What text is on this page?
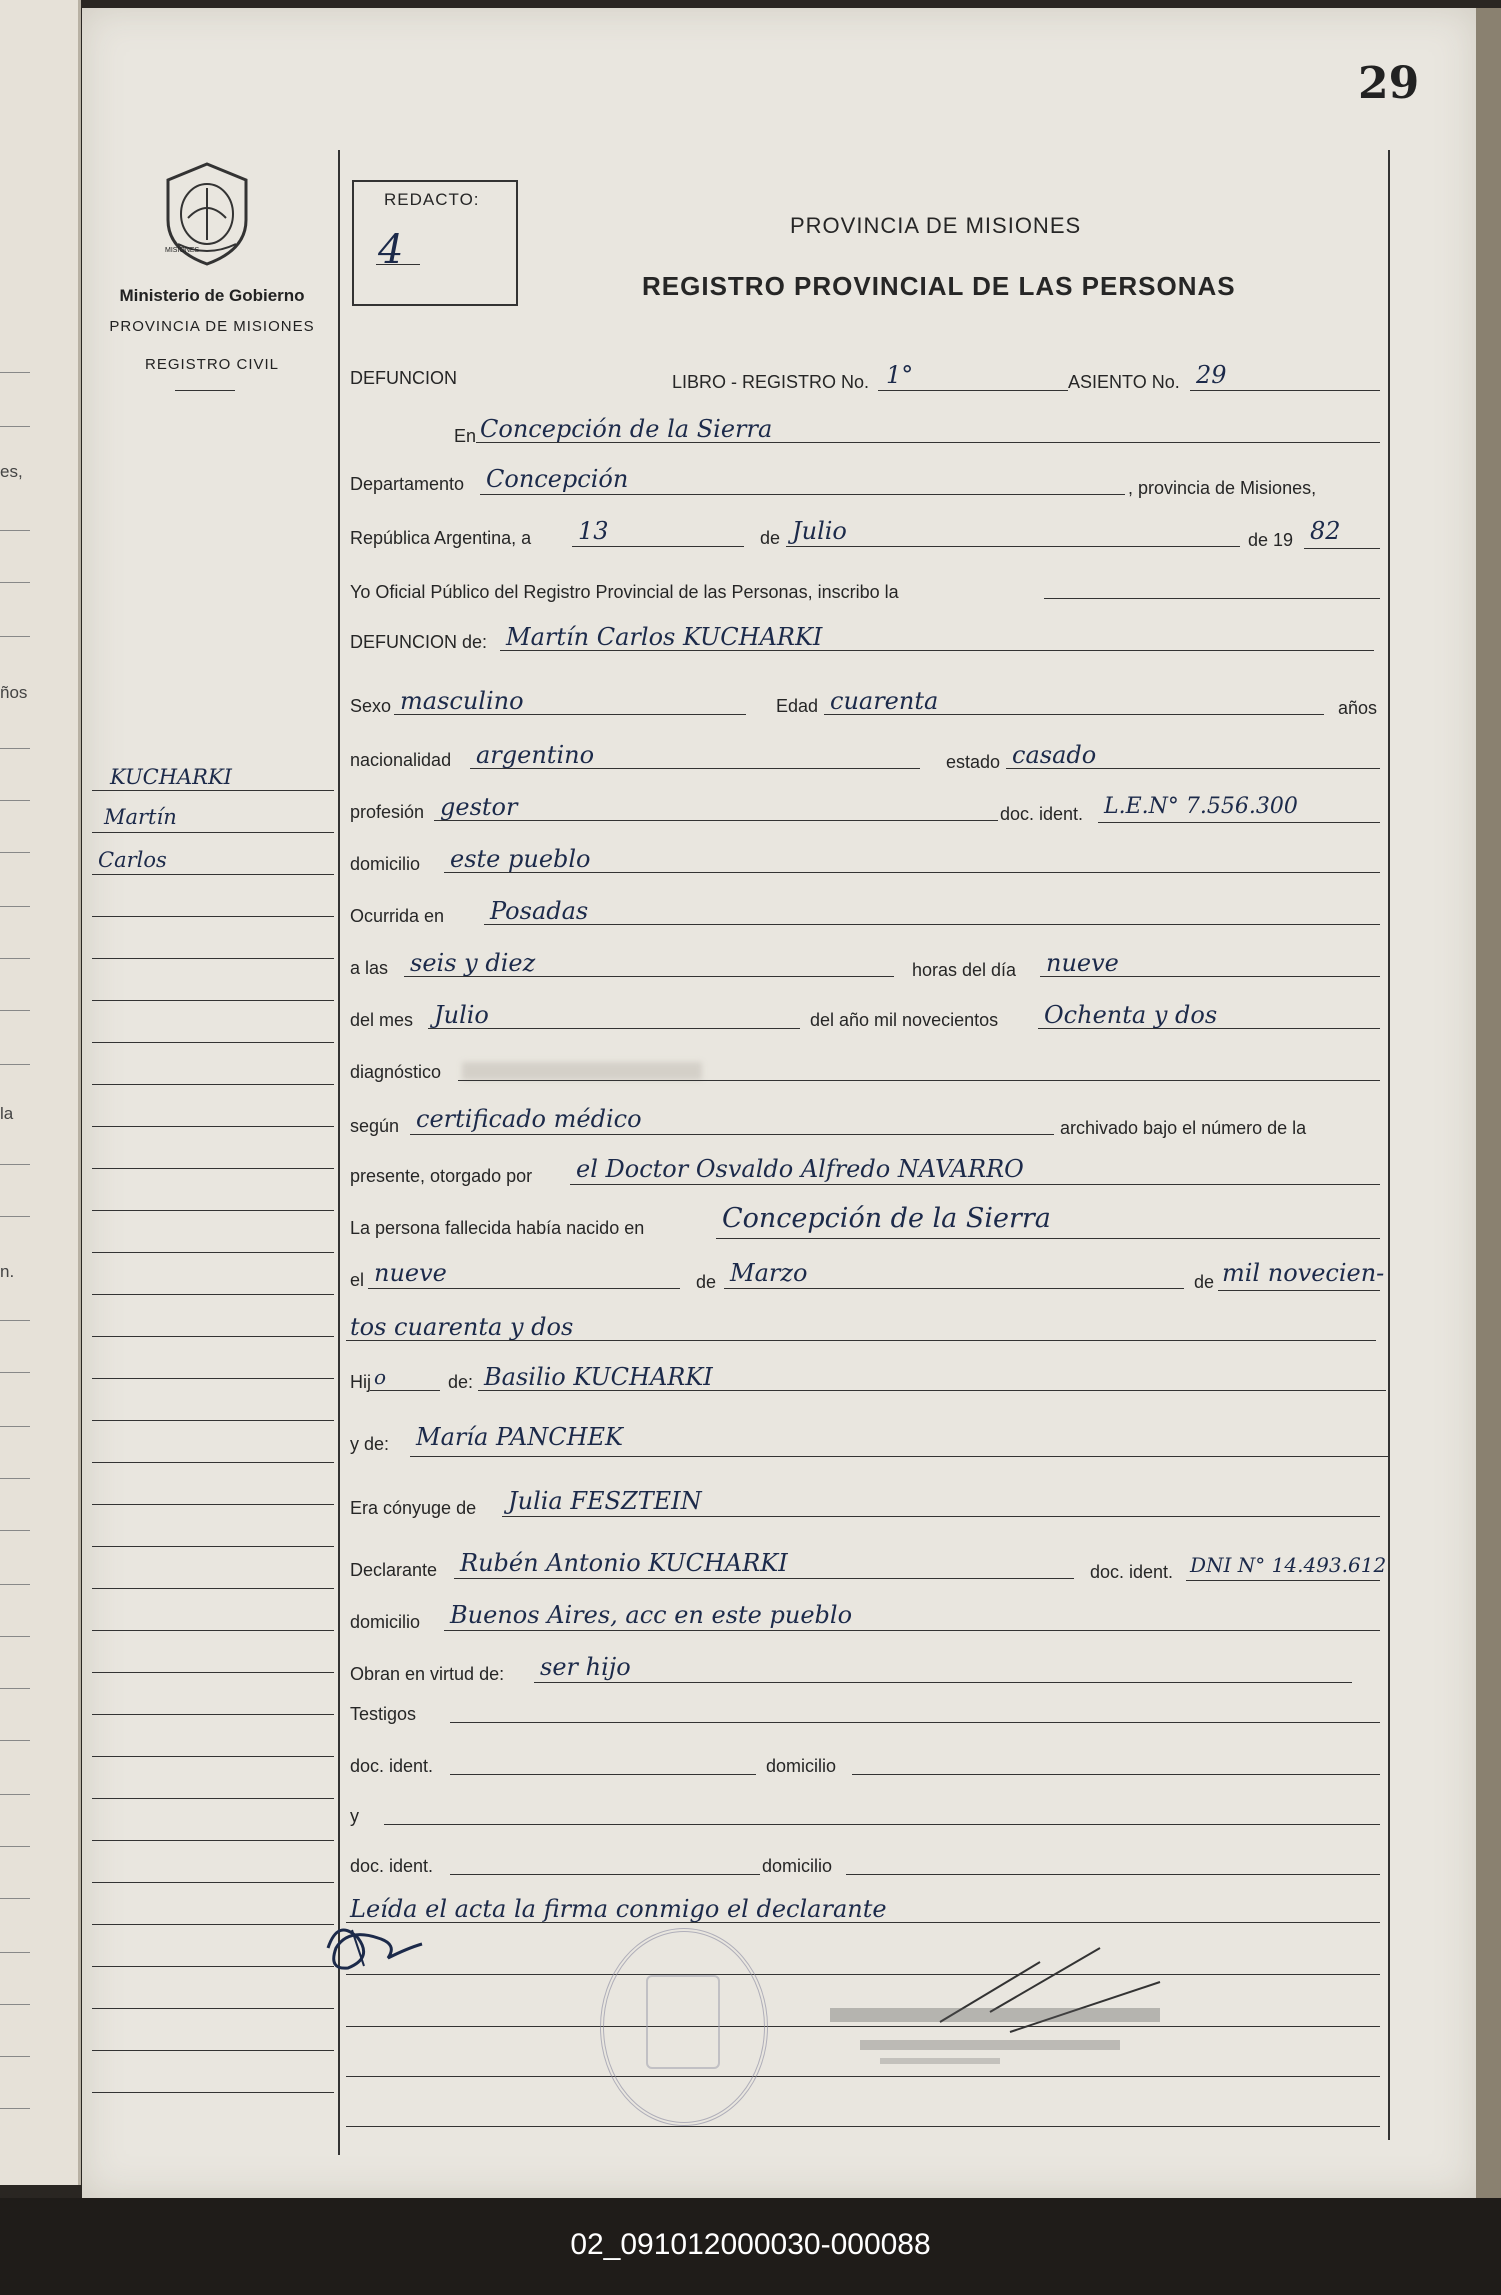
es,
ños
la
n.
29
MISIONES
Ministerio de Gobierno
PROVINCIA DE MISIONES
REGISTRO CIVIL
REDACTO:
4
PROVINCIA DE MISIONES
REGISTRO PROVINCIAL DE LAS PERSONAS
KUCHARKI
Martín
Carlos
DEFUNCION	LIBRO - REGISTRO No. 1°	ASIENTO No. 29
En Concepción de la Sierra
Departamento Concepción	, provincia de Misiones,
República Argentina, a 13	de Julio	de 19 82
Yo Oficial Público del Registro Provincial de las Personas, inscribo la
DEFUNCION de: Martín Carlos KUCHARKI
Sexo masculino	Edad cuarenta	años
nacionalidad argentino	estado casado
profesión gestor	doc. ident. L.E.N° 7.556.300
domicilio este pueblo
Ocurrida en Posadas
a las seis y diez	horas del día nueve
del mes Julio	del año mil novecientos Ochenta y dos
diagnóstico
según certificado médico	archivado bajo el número de la
presente, otorgado por el Doctor Osvaldo Alfredo NAVARRO
La persona fallecida había nacido en	Concepción de la Sierra
el nueve	de Marzo	de mil novecien-
tos cuarenta y dos
Hij o	de: Basilio KUCHARKI
y de: María PANCHEK
Era cónyuge de Julia FESZTEIN
Declarante Rubén Antonio KUCHARKI	doc. ident. DNI N° 14.493.612
domicilio Buenos Aires, acc en este pueblo
Obran en virtud de: ser hijo
Testigos
doc. ident.	domicilio
y
doc. ident.	domicilio
Leída el acta la firma conmigo el declarante
02_091012000030-000088
